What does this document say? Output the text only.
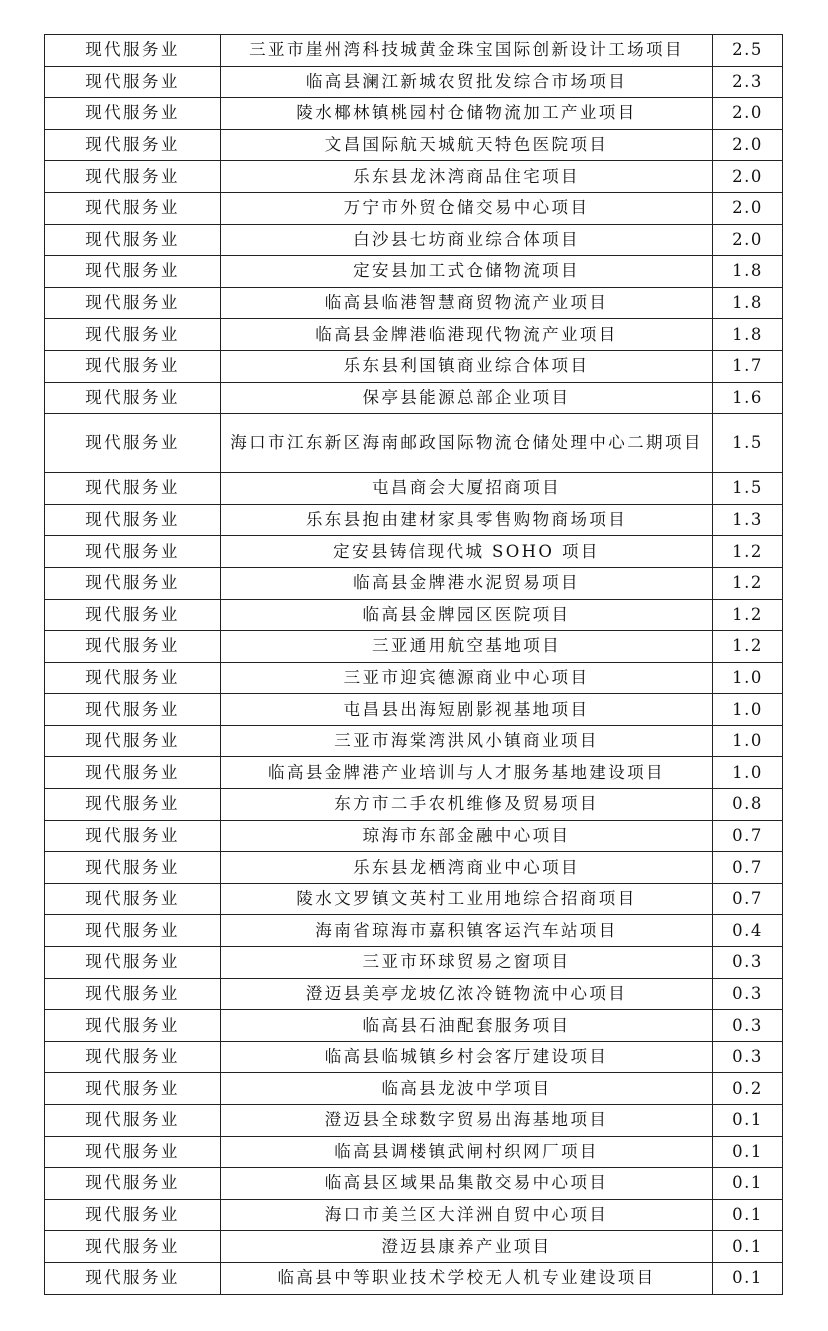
现代服务业	三亚市崖州湾科技城黄金珠宝国际创新设计工场项目	2.5
现代服务业	临高县澜江新城农贸批发综合市场项目	2.3
现代服务业	陵水椰林镇桃园村仓储物流加工产业项目	2.0
现代服务业	文昌国际航天城航天特色医院项目	2.0
现代服务业	乐东县龙沐湾商品住宅项目	2.0
现代服务业	万宁市外贸仓储交易中心项目	2.0
现代服务业	白沙县七坊商业综合体项目	2.0
现代服务业	定安县加工式仓储物流项目	1.8
现代服务业	临高县临港智慧商贸物流产业项目	1.8
现代服务业	临高县金牌港临港现代物流产业项目	1.8
现代服务业	乐东县利国镇商业综合体项目	1.7
现代服务业	保亭县能源总部企业项目	1.6
现代服务业	海口市江东新区海南邮政国际物流仓储处理中心二期项目	1.5
现代服务业	屯昌商会大厦招商项目	1.5
现代服务业	乐东县抱由建材家具零售购物商场项目	1.3
现代服务业	定安县铸信现代城 SOHO 项目	1.2
现代服务业	临高县金牌港水泥贸易项目	1.2
现代服务业	临高县金牌园区医院项目	1.2
现代服务业	三亚通用航空基地项目	1.2
现代服务业	三亚市迎宾德源商业中心项目	1.0
现代服务业	屯昌县出海短剧影视基地项目	1.0
现代服务业	三亚市海棠湾洪风小镇商业项目	1.0
现代服务业	临高县金牌港产业培训与人才服务基地建设项目	1.0
现代服务业	东方市二手农机维修及贸易项目	0.8
现代服务业	琼海市东部金融中心项目	0.7
现代服务业	乐东县龙栖湾商业中心项目	0.7
现代服务业	陵水文罗镇文英村工业用地综合招商项目	0.7
现代服务业	海南省琼海市嘉积镇客运汽车站项目	0.4
现代服务业	三亚市环球贸易之窗项目	0.3
现代服务业	澄迈县美亭龙坡亿浓冷链物流中心项目	0.3
现代服务业	临高县石油配套服务项目	0.3
现代服务业	临高县临城镇乡村会客厅建设项目	0.3
现代服务业	临高县龙波中学项目	0.2
现代服务业	澄迈县全球数字贸易出海基地项目	0.1
现代服务业	临高县调楼镇武闸村织网厂项目	0.1
现代服务业	临高县区域果品集散交易中心项目	0.1
现代服务业	海口市美兰区大洋洲自贸中心项目	0.1
现代服务业	澄迈县康养产业项目	0.1
现代服务业	临高县中等职业技术学校无人机专业建设项目	0.1
